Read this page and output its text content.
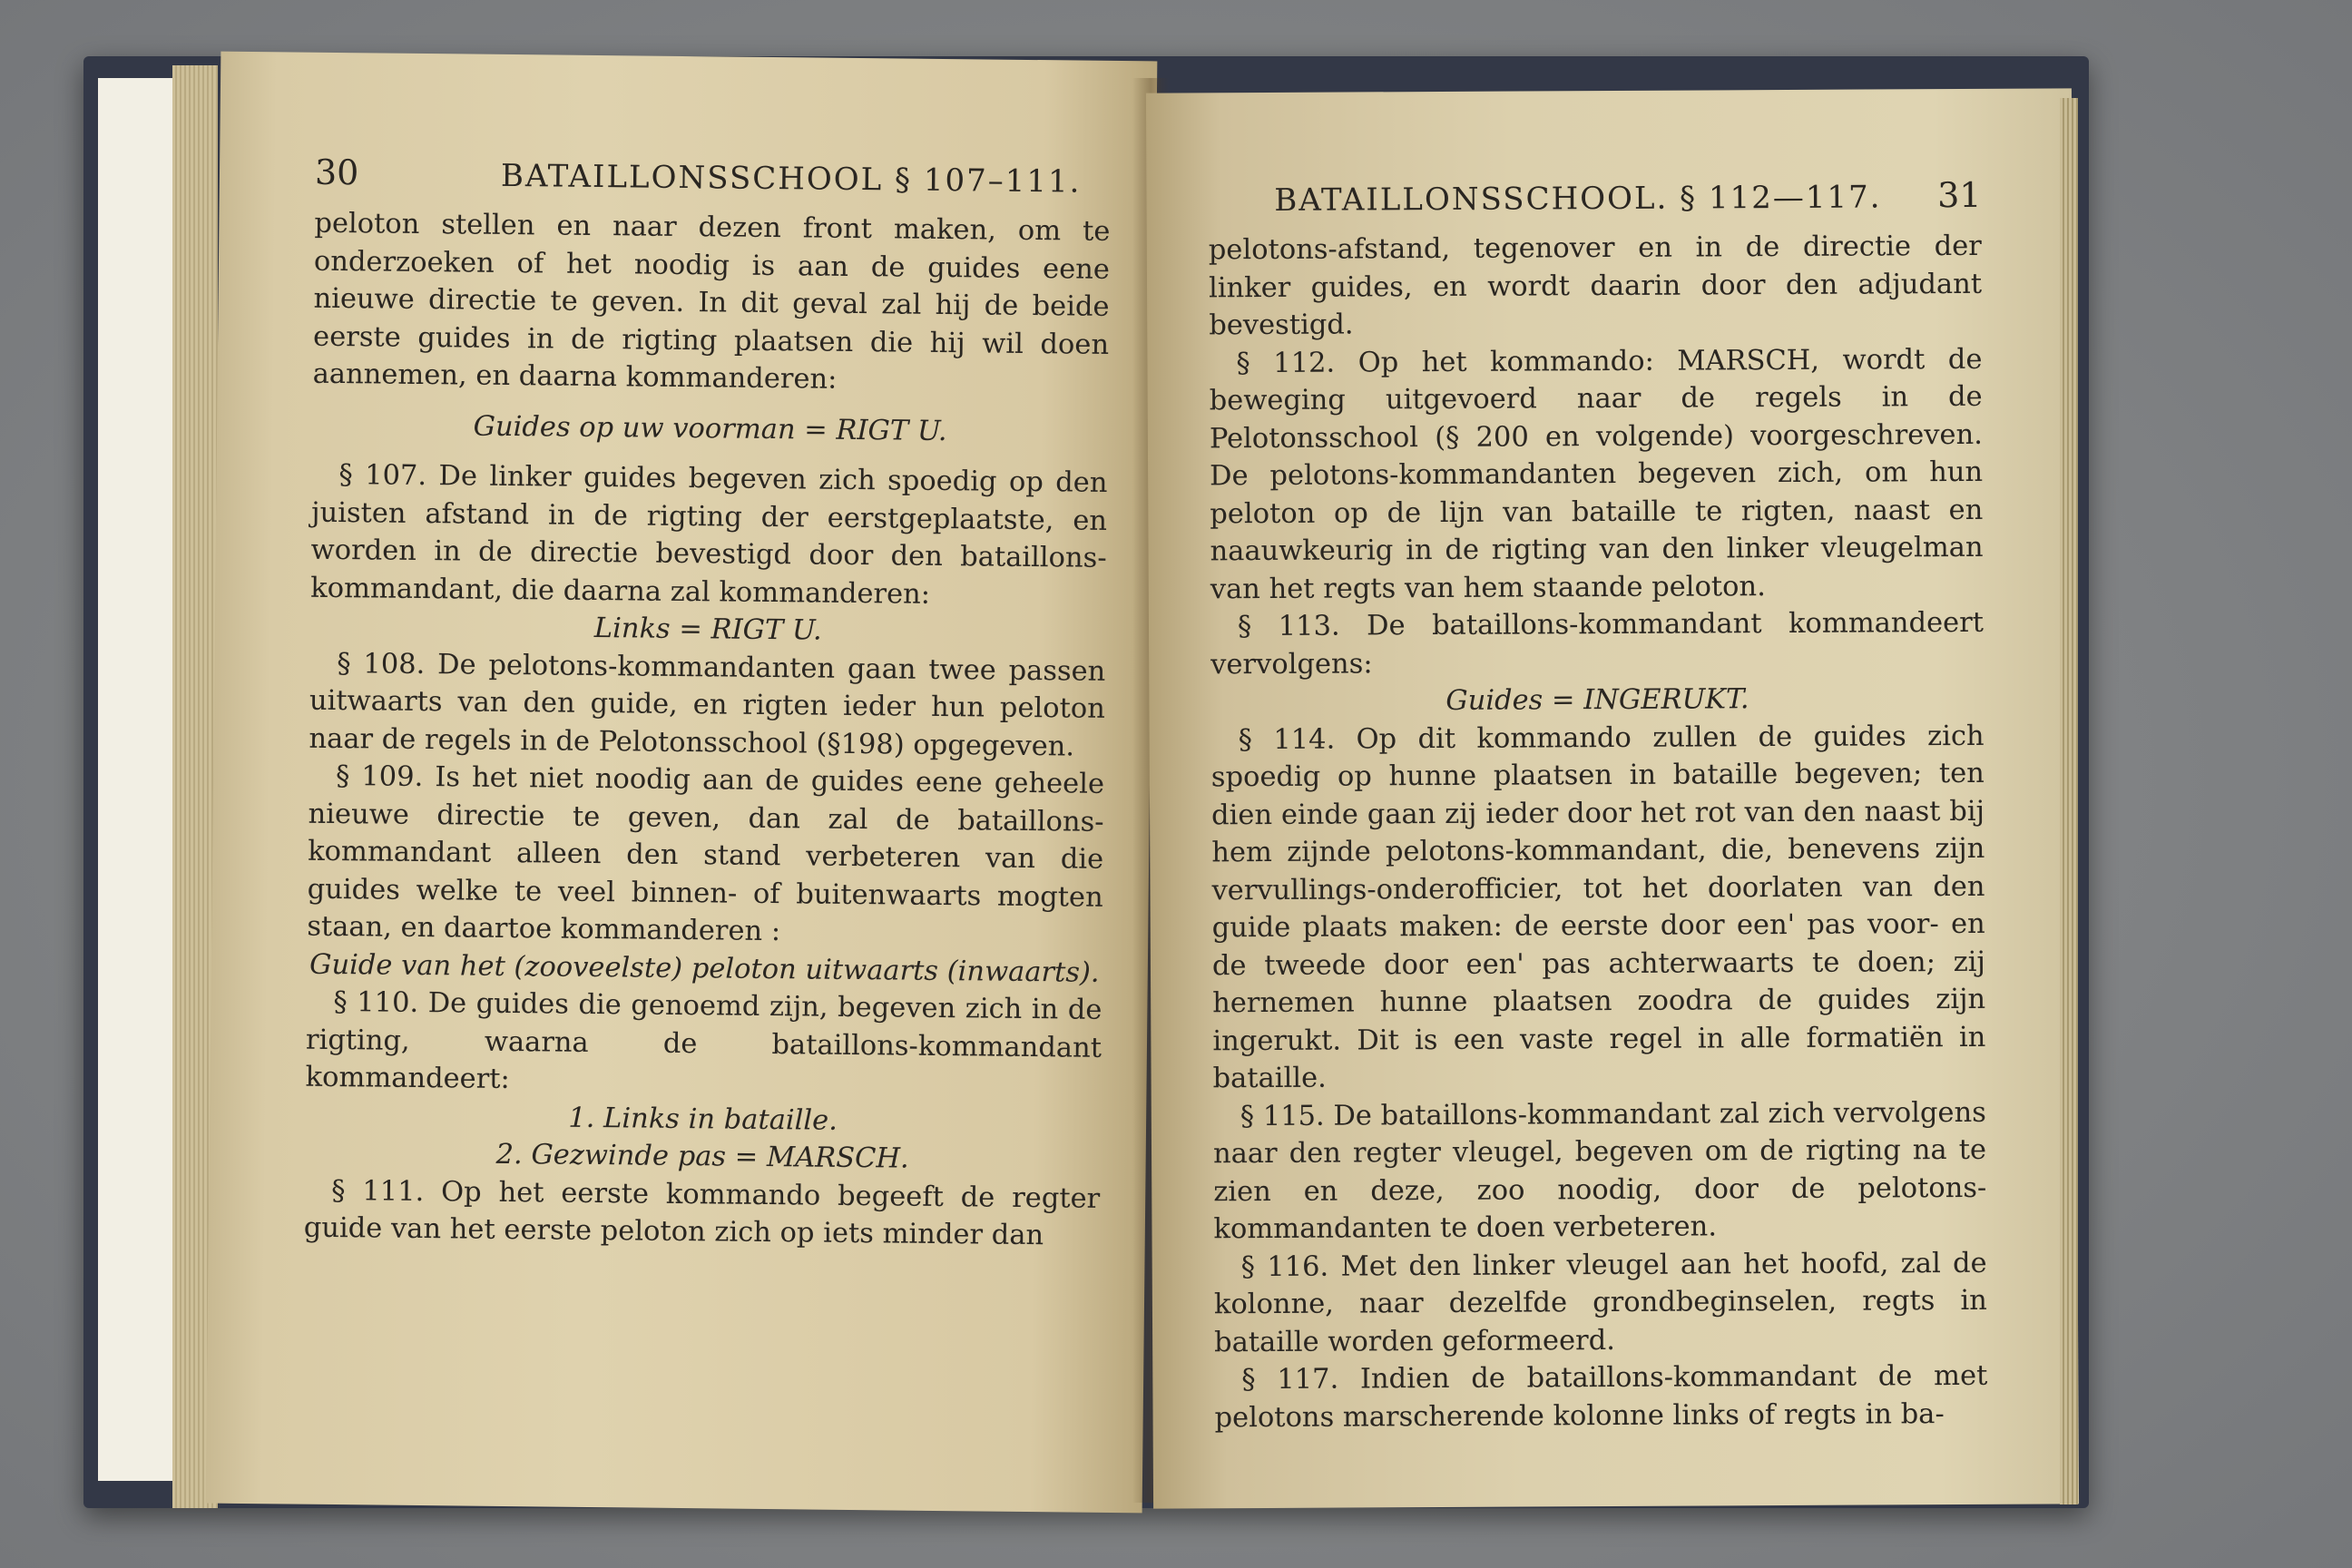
30	BATAILLONSSCHOOL § 107–111.

peloton stellen en naar dezen front maken, om te onderzoeken of het noodig is aan de guides eene nieuwe directie te geven. In dit geval zal hij de beide eerste guides in de rigting plaatsen die hij wil doen aannemen, en daarna kommanderen:

Guides op uw voorman = RIGT U.

§ 107. De linker guides begeven zich spoedig op den juisten afstand in de rigting der eerstgeplaatste, en worden in de directie bevestigd door den bataillons-kommandant, die daarna zal kommanderen:

Links = RIGT U.

§ 108. De pelotons-kommandanten gaan twee passen uitwaarts van den guide, en rigten ieder hun peloton naar de regels in de Pelotonsschool (§198) opgegeven.

§ 109. Is het niet noodig aan de guides eene geheele nieuwe directie te geven, dan zal de bataillons-kommandant alleen den stand verbeteren van die guides welke te veel binnen- of buitenwaarts mogten staan, en daartoe kommanderen :

Guide van het (zooveelste) peloton uitwaarts (inwaarts).

§ 110. De guides die genoemd zijn, begeven zich in de rigting, waarna de bataillons-kommandant kommandeert:

1. Links in bataille.

2. Gezwinde pas = MARSCH.

§ 111. Op het eerste kommando begeeft de regter guide van het eerste peloton zich op iets minder dan

BATAILLONSSCHOOL. § 112—117. 31

pelotons-afstand, tegenover en in de directie der linker guides, en wordt daarin door den adjudant bevestigd.

§ 112. Op het kommando: MARSCH, wordt de beweging uitgevoerd naar de regels in de Pelotonsschool (§ 200 en volgende) voorgeschreven. De pelotons-kommandanten begeven zich, om hun peloton op de lijn van bataille te rigten, naast en naauwkeurig in de rigting van den linker vleugelman van het regts van hem staande peloton.

§ 113. De bataillons-kommandant kommandeert vervolgens:

Guides = INGERUKT.

§ 114. Op dit kommando zullen de guides zich spoedig op hunne plaatsen in bataille begeven; ten dien einde gaan zij ieder door het rot van den naast bij hem zijnde pelotons-kommandant, die, benevens zijn vervullings-onderofficier, tot het doorlaten van den guide plaats maken: de eerste door een' pas voor- en de tweede door een' pas achterwaarts te doen; zij hernemen hunne plaatsen zoodra de guides zijn ingerukt. Dit is een vaste regel in alle formatiën in bataille.

§ 115. De bataillons-kommandant zal zich vervolgens naar den regter vleugel, begeven om de rigting na te zien en deze, zoo noodig, door de pelotons-kommandanten te doen verbeteren.

§ 116. Met den linker vleugel aan het hoofd, zal de kolonne, naar dezelfde grondbeginselen, regts in bataille worden geformeerd.

§ 117. Indien de bataillons-kommandant de met pelotons marscherende kolonne links of regts in ba-
